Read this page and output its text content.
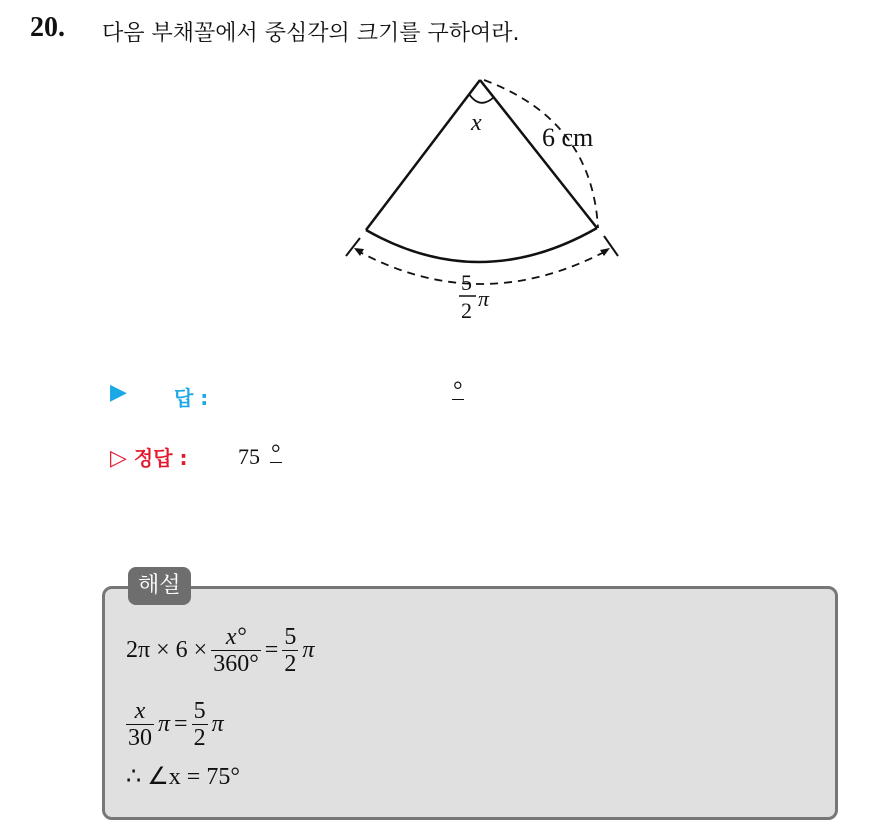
20. 다음 부채꼴에서 중심각의 크기를 구하여라.
x 6 cm
5
2 π
▶ 답 :	°
▷ 정답 : 75 °
해설
$2\pi \times 6 \times \frac{x^\circ}{360^\circ} = \frac{5}{2}$ π
$\frac{x}{30}$ $\pi = \frac{5}{2}$ π
∴ ∠x = 75°
